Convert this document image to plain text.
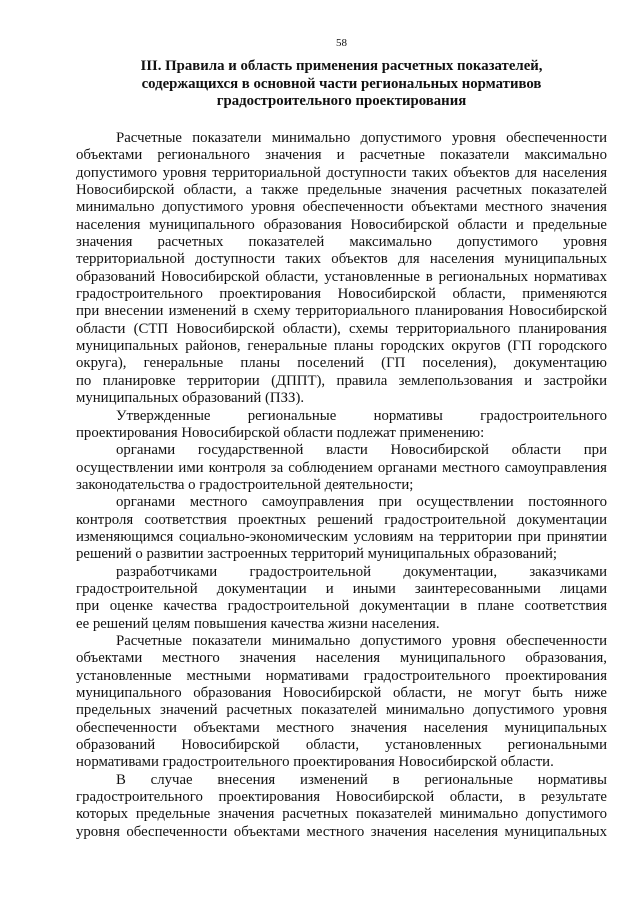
58
III. Правила и область применения расчетных показателей,
содержащихся в основной части региональных нормативов
градостроительного проектирования
Расчетные показатели минимально допустимого уровня обеспеченности
объектами регионального значения и расчетные показатели максимально
допустимого уровня территориальной доступности таких объектов для населения
Новосибирской области, а также предельные значения расчетных показателей
минимально допустимого уровня обеспеченности объектами местного значения
населения муниципального образования Новосибирской области и предельные
значения расчетных показателей максимально допустимого уровня
территориальной доступности таких объектов для населения муниципальных
образований Новосибирской области, установленные в региональных нормативах
градостроительного проектирования Новосибирской области, применяются
при внесении изменений в схему территориального планирования Новосибирской
области (СТП Новосибирской области), схемы территориального планирования
муниципальных районов, генеральные планы городских округов (ГП городского
округа), генеральные планы поселений (ГП поселения), документацию
по планировке территории (ДППТ), правила землепользования и застройки
муниципальных образований (ПЗЗ).
Утвержденные региональные нормативы градостроительного
проектирования Новосибирской области подлежат применению:
органами государственной власти Новосибирской области при
осуществлении ими контроля за соблюдением органами местного самоуправления
законодательства о градостроительной деятельности;
органами местного самоуправления при осуществлении постоянного
контроля соответствия проектных решений градостроительной документации
изменяющимся социально-экономическим условиям на территории при принятии
решений о развитии застроенных территорий муниципальных образований;
разработчиками градостроительной документации, заказчиками
градостроительной документации и иными заинтересованными лицами
при оценке качества градостроительной документации в плане соответствия
ее решений целям повышения качества жизни населения.
Расчетные показатели минимально допустимого уровня обеспеченности
объектами местного значения населения муниципального образования,
установленные местными нормативами градостроительного проектирования
муниципального образования Новосибирской области, не могут быть ниже
предельных значений расчетных показателей минимально допустимого уровня
обеспеченности объектами местного значения населения муниципальных
образований Новосибирской области, установленных региональными
нормативами градостроительного проектирования Новосибирской области.
В случае внесения изменений в региональные нормативы
градостроительного проектирования Новосибирской области, в результате
которых предельные значения расчетных показателей минимально допустимого
уровня обеспеченности объектами местного значения населения муниципальных
